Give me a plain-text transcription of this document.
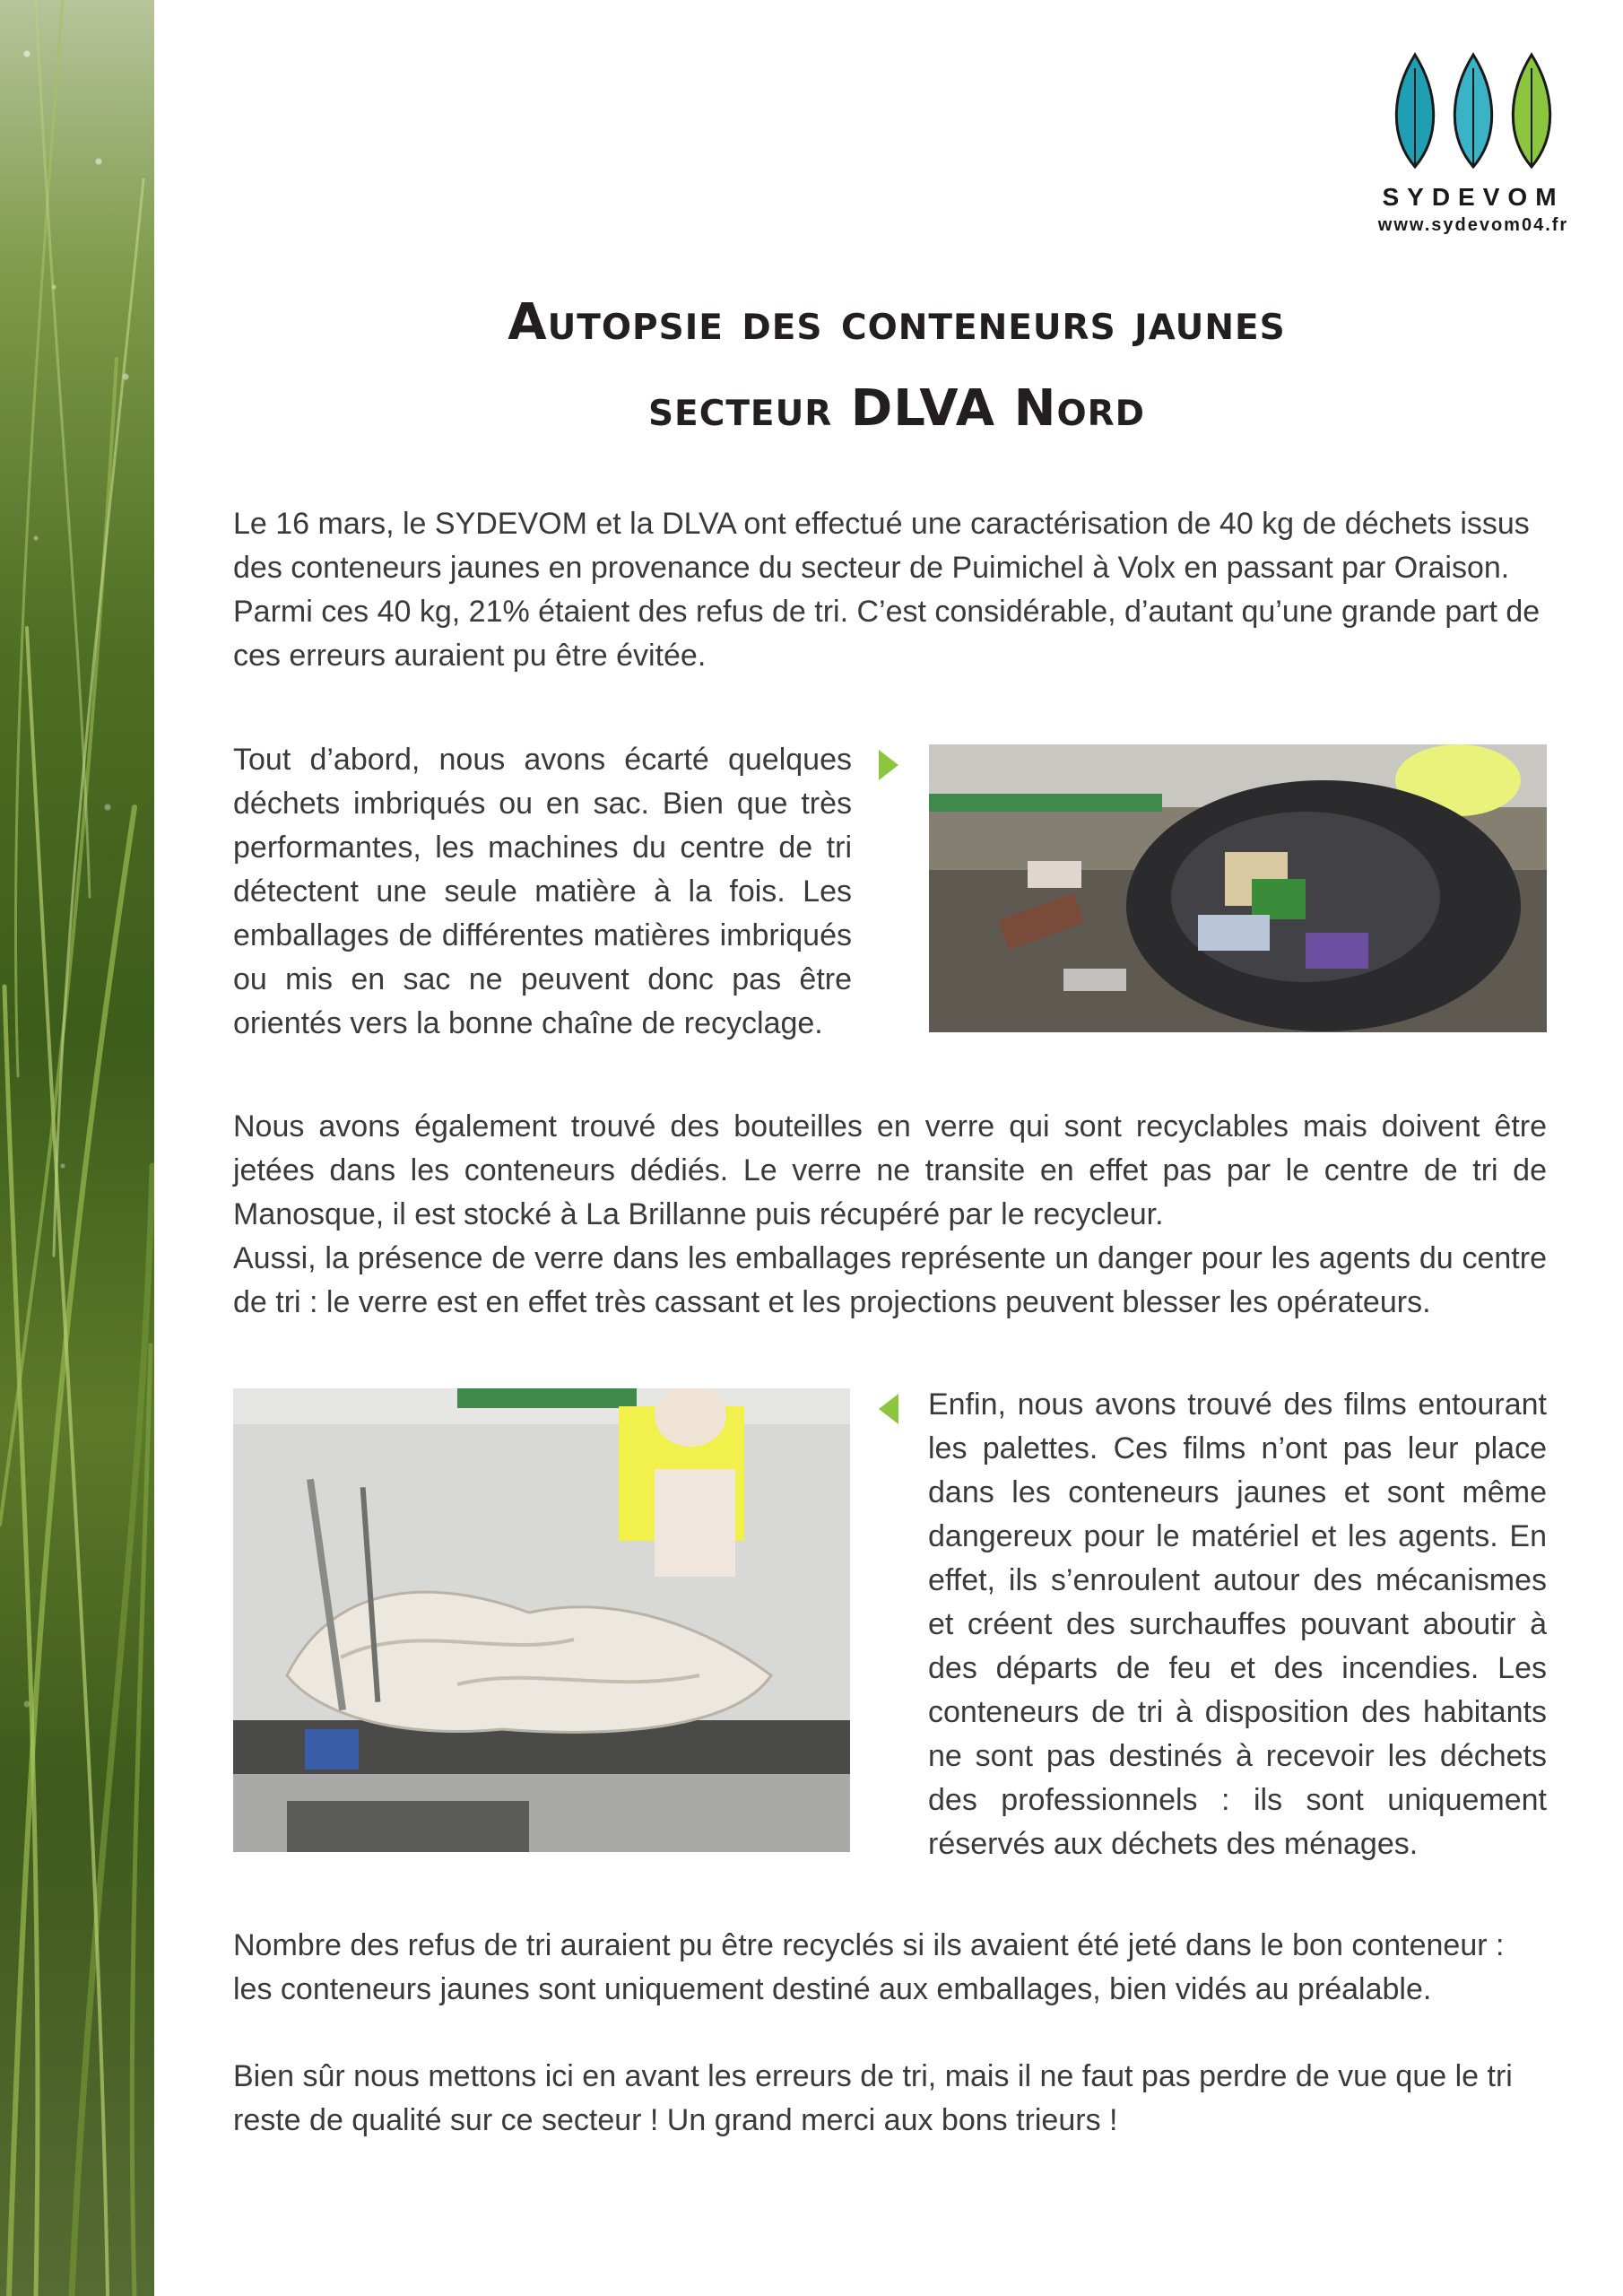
SYDEVOM
www.sydevom04.fr
Autopsie des conteneurs jaunes
secteur DLVA Nord

Le 16 mars, le SYDEVOM et la DLVA ont effectué une caractérisation de 40 kg de déchets issus des conteneurs jaunes en provenance du secteur de Puimichel à Volx en passant par Oraison. Parmi ces 40 kg, 21% étaient des refus de tri. C’est considérable, d’autant qu’une grande part de ces erreurs auraient pu être évitée.

Tout d’abord, nous avons écarté quelques déchets imbriqués ou en sac. Bien que très performantes, les machines du centre de tri détectent une seule matière à la fois. Les emballages de différentes matières imbriqués ou mis en sac ne peuvent donc pas être orientés vers la bonne chaîne de recyclage.

Nous avons également trouvé des bouteilles en verre qui sont recyclables mais doivent être jetées dans les conteneurs dédiés. Le verre ne transite en effet pas par le centre de tri de Manosque, il est stocké à La Brillanne puis récupéré par le recycleur.

Aussi, la présence de verre dans les emballages représente un danger pour les agents du centre de tri : le verre est en effet très cassant et les projections peuvent blesser les opérateurs.

Enfin, nous avons trouvé des films entourant les palettes. Ces films n’ont pas leur place dans les conteneurs jaunes et sont même dangereux pour le matériel et les agents. En effet, ils s’enroulent autour des mécanismes et créent des surchauffes pouvant aboutir à des départs de feu et des incendies. Les conteneurs de tri à disposition des habitants ne sont pas destinés à recevoir les déchets des professionnels : ils sont uniquement réservés aux déchets des ménages.

Nombre des refus de tri auraient pu être recyclés si ils avaient été jeté dans le bon conteneur : les conteneurs jaunes sont uniquement destiné aux emballages, bien vidés au préalable.

Bien sûr nous mettons ici en avant les erreurs de tri, mais il ne faut pas perdre de vue que le tri reste de qualité sur ce secteur ! Un grand merci aux bons trieurs !
